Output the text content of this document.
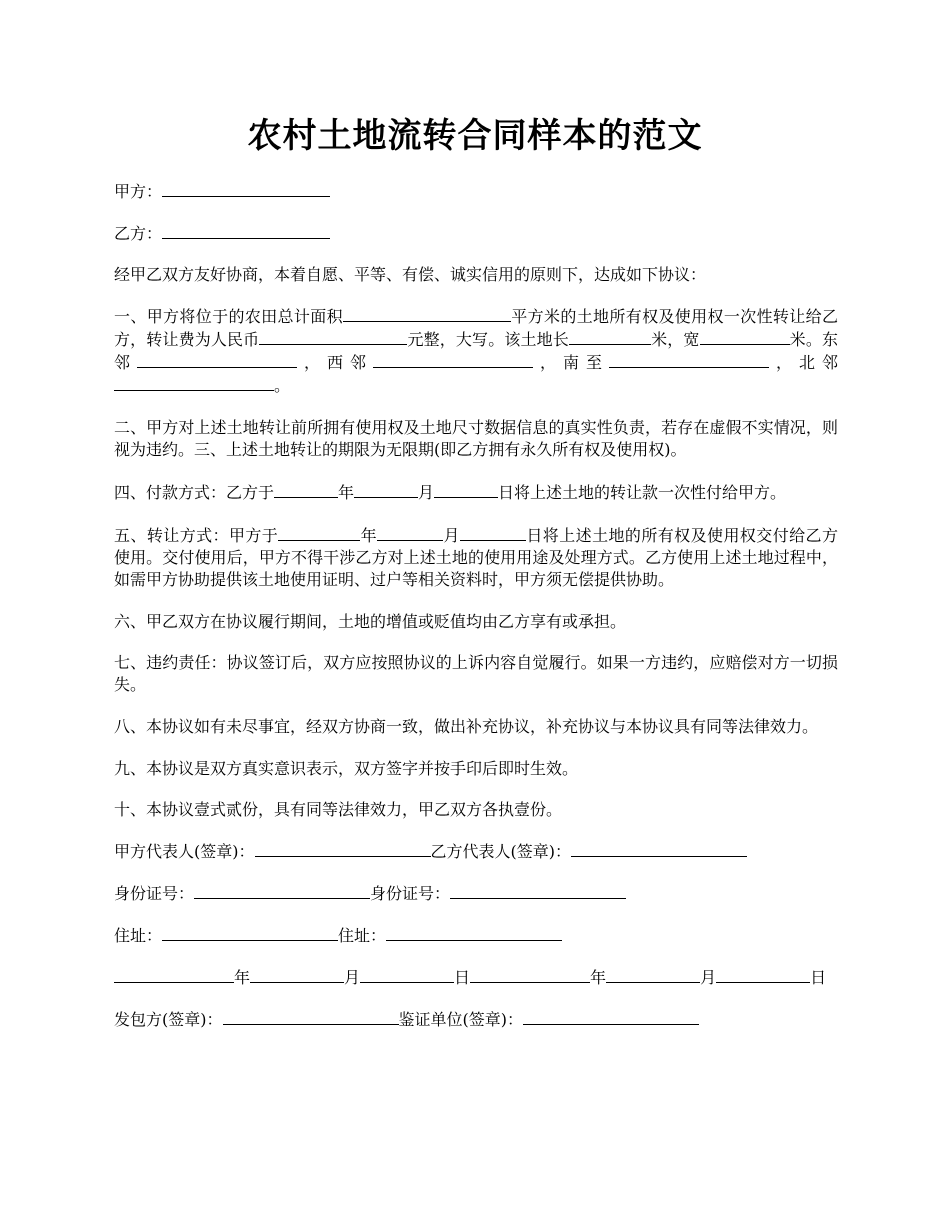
农村土地流转合同样本的范文

甲方：

乙方：

经甲乙双方友好协商，本着自愿、平等、有偿、诚实信用的原则下，达成如下协议：

一、甲方将位于的农田总计面积	平方米的土地所有权及使用权一次性转让给乙方，转让费为人民币	元整，大写。该土地长	米，宽	米。东邻	，西邻	，南至	，北邻。

二、甲方对上述土地转让前所拥有使用权及土地尺寸数据信息的真实性负责，若存在虚假不实情况，则视为违约。三、上述土地转让的期限为无限期(即乙方拥有永久所有权及使用权)。

四、付款方式：乙方于	年	月	日将上述土地的转让款一次性付给甲方。

五、转让方式：甲方于	年	月	日将上述土地的所有权及使用权交付给乙方使用。交付使用后，甲方不得干涉乙方对上述土地的使用用途及处理方式。乙方使用上述土地过程中，如需甲方协助提供该土地使用证明、过户等相关资料时，甲方须无偿提供协助。

六、甲乙双方在协议履行期间，土地的增值或贬值均由乙方享有或承担。

七、违约责任：协议签订后，双方应按照协议的上诉内容自觉履行。如果一方违约，应赔偿对方一切损失。

八、本协议如有未尽事宜，经双方协商一致，做出补充协议，补充协议与本协议具有同等法律效力。

九、本协议是双方真实意识表示，双方签字并按手印后即时生效。

十、本协议壹式贰份，具有同等法律效力，甲乙双方各执壹份。

甲方代表人(签章)：	乙方代表人(签章)：

身份证号：	身份证号：

住址：	住址：

年	月	日	年	月	日

发包方(签章)：	鉴证单位(签章)：
